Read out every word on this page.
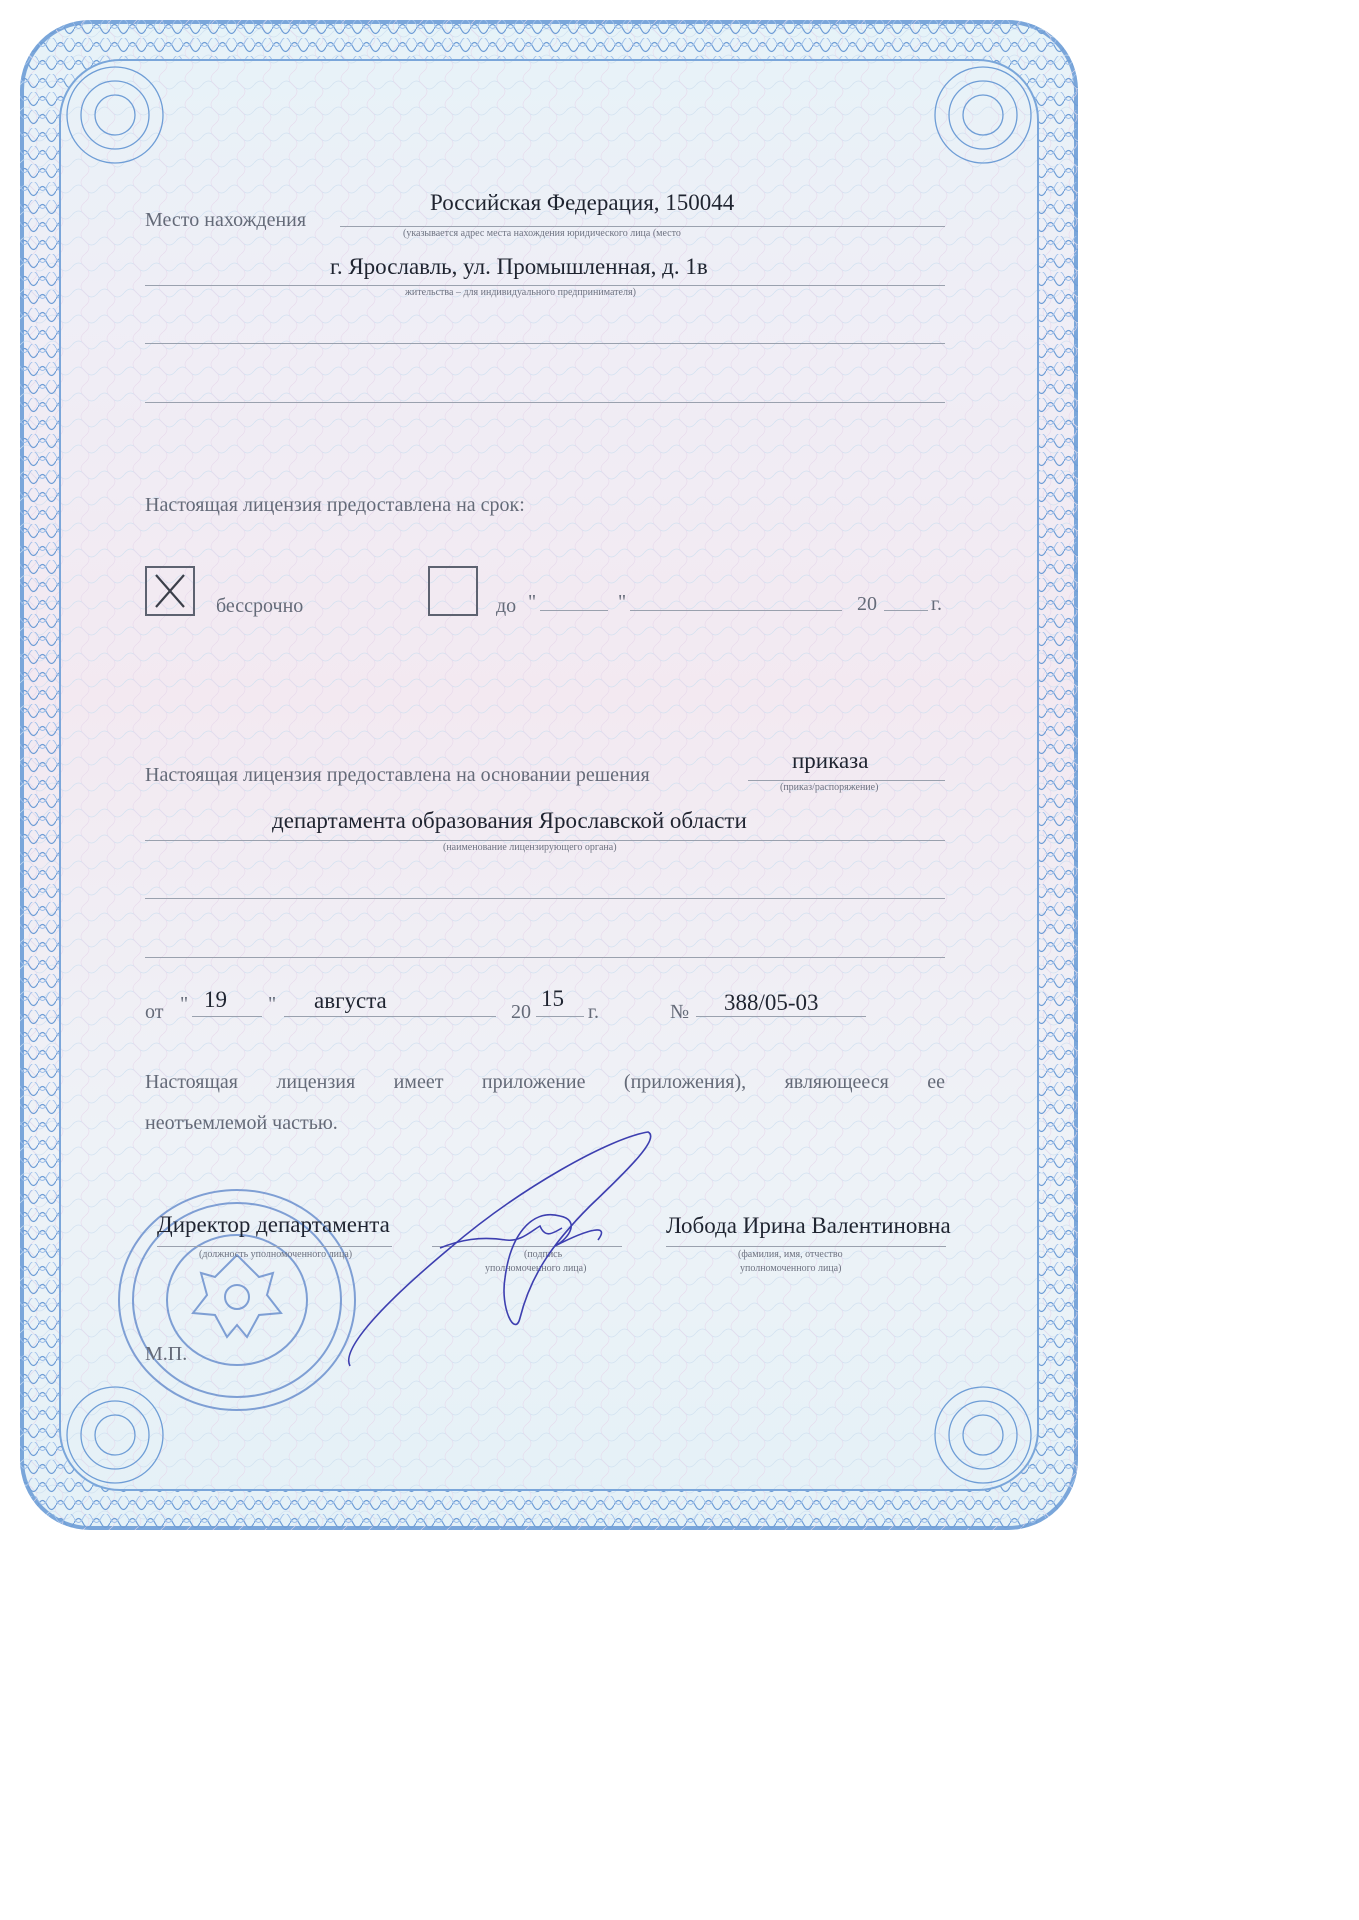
Место нахождения
Российская Федерация, 150044
(указывается адрес места нахождения юридического лица (место
г. Ярославль, ул. Промышленная, д. 1в
жительства – для индивидуального предпринимателя)
Настоящая лицензия предоставлена на срок:
бессрочно	до "	"	20	г.
Настоящая лицензия предоставлена на основании решения
приказа
(приказ/распоряжение)
департамента образования Ярославской области
(наименование лицензирующего органа)
от " 19 " августа	20
15
г.	№ 388/05-03
Настоящая лицензия имеет приложение (приложения), являющееся ее
неотъемлемой частью.
Директор департамента
(должность уполномоченного лица)	(подпись
уполномоченного лица)
Лобода Ирина Валентиновна
(фамилия, имя, отчество
уполномоченного лица)
М.П.
